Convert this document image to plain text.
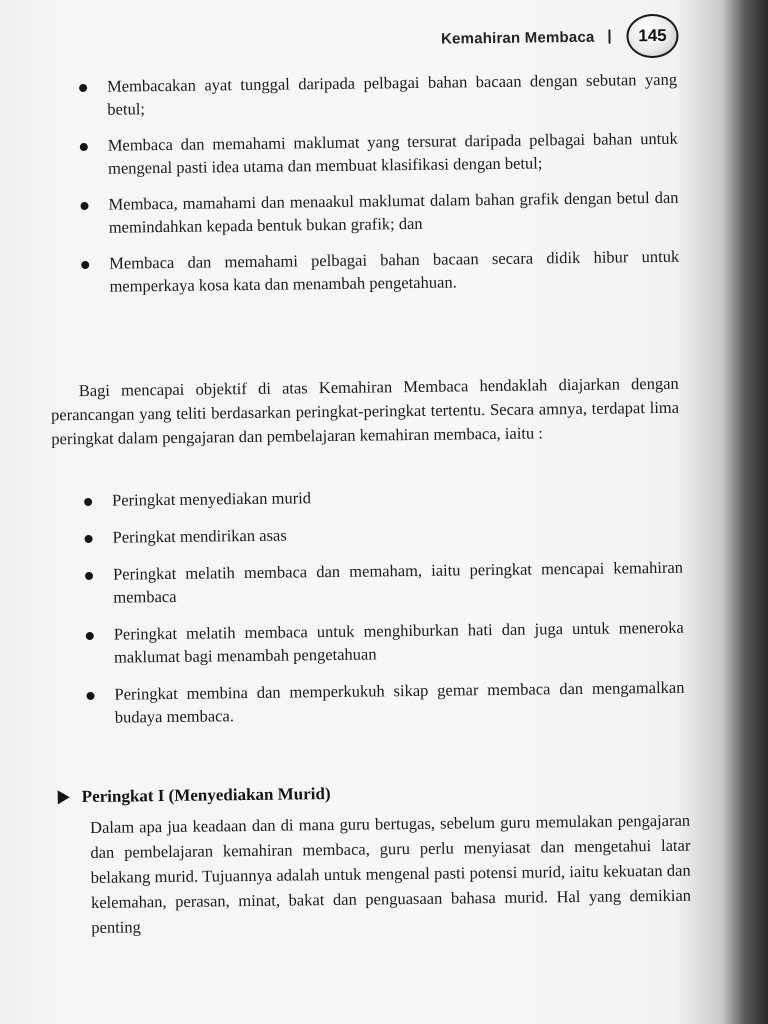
Kemahiran Membaca	145
Membacakan ayat tunggal daripada pelbagai bahan bacaan dengan sebutan yang betul;
Membaca dan memahami maklumat yang tersurat daripada pelbagai bahan untuk mengenal pasti idea utama dan membuat klasifikasi dengan betul;
Membaca, mamahami dan menaakul maklumat dalam bahan grafik dengan betul dan memindahkan kepada bentuk bukan grafik; dan
Membaca dan memahami pelbagai bahan bacaan secara didik hibur untuk memperkaya kosa kata dan menambah pengetahuan.

Bagi mencapai objektif di atas Kemahiran Membaca hendaklah diajarkan dengan perancangan yang teliti berdasarkan peringkat-peringkat tertentu. Secara amnya, terdapat lima peringkat dalam pengajaran dan pembelajaran kemahiran membaca, iaitu :

Peringkat menyediakan murid
Peringkat mendirikan asas
Peringkat melatih membaca dan memaham, iaitu peringkat mencapai kemahiran membaca
Peringkat melatih membaca untuk menghiburkan hati dan juga untuk meneroka maklumat bagi menambah pengetahuan
Peringkat membina dan memperkukuh sikap gemar membaca dan mengamalkan budaya membaca.
Peringkat I (Menyediakan Murid)

Dalam apa jua keadaan dan di mana guru bertugas, sebelum guru memulakan pengajaran dan pembelajaran kemahiran membaca, guru perlu menyiasat dan mengetahui latar belakang murid. Tujuannya adalah untuk mengenal pasti potensi murid, iaitu kekuatan dan kelemahan, perasan, minat, bakat dan penguasaan bahasa murid. Hal yang demikian penting
